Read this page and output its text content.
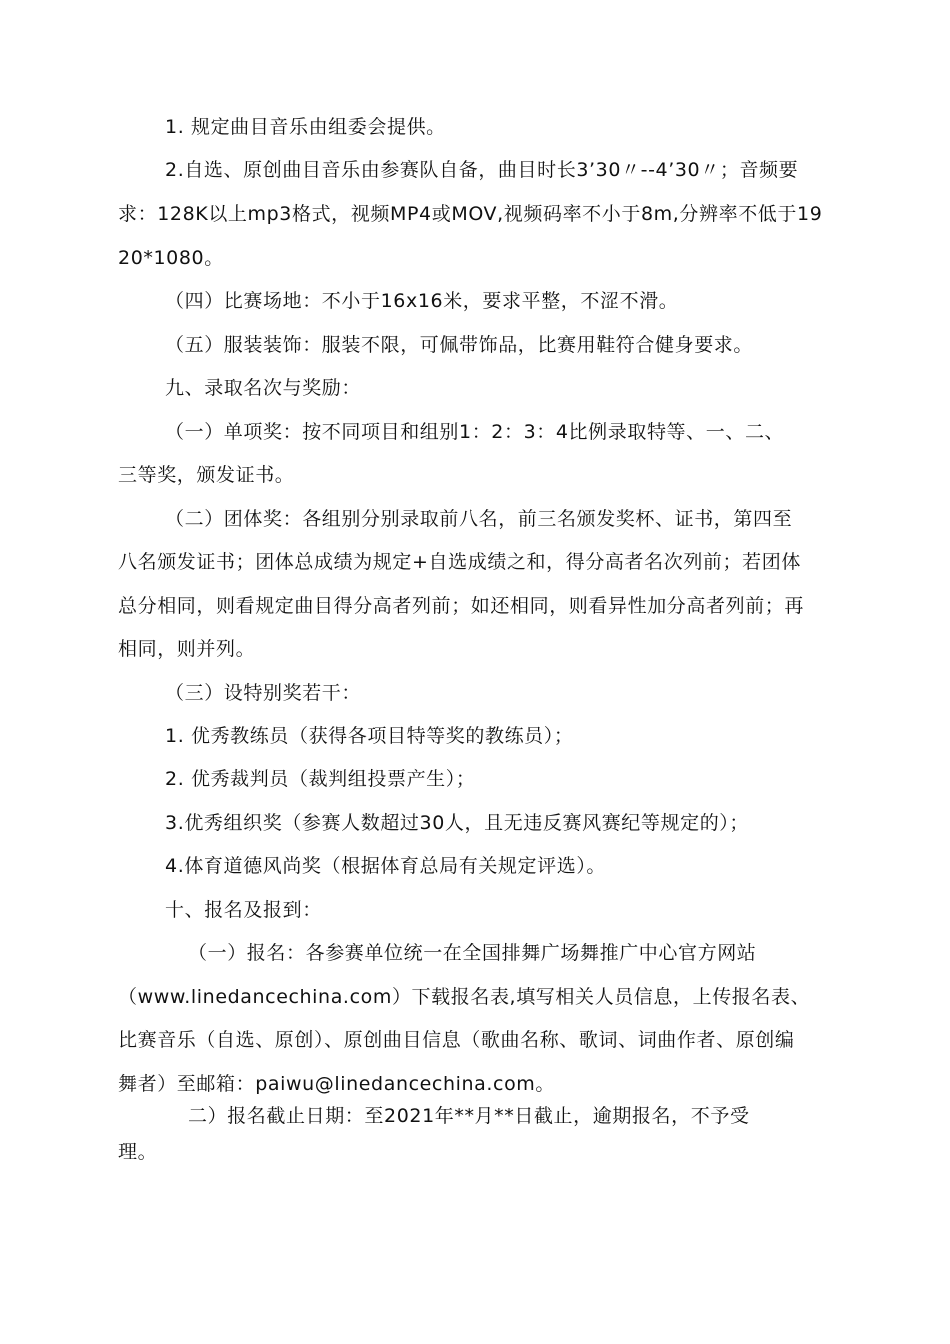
1. 规定曲目音乐由组委会提供。
2.自选、原创曲目音乐由参赛队自备，曲目时长3’30〃--4’30〃；音频要
求：128K以上mp3格式，视频MP4或MOV,视频码率不小于8m,分辨率不低于19
20*1080。
（四）比赛场地：不小于16x16米，要求平整，不涩不滑。
（五）服装装饰：服装不限，可佩带饰品，比赛用鞋符合健身要求。
九、录取名次与奖励：
（一）单项奖：按不同项目和组别1：2：3：4比例录取特等、一、二、
三等奖，颁发证书。
（二）团体奖：各组别分别录取前八名，前三名颁发奖杯、证书，第四至
八名颁发证书；团体总成绩为规定+自选成绩之和，得分高者名次列前；若团体
总分相同，则看规定曲目得分高者列前；如还相同，则看异性加分高者列前；再
相同，则并列。
（三）设特别奖若干：
1. 优秀教练员（获得各项目特等奖的教练员）；
2. 优秀裁判员（裁判组投票产生）；
3.优秀组织奖（参赛人数超过30人，且无违反赛风赛纪等规定的）；
4.体育道德风尚奖（根据体育总局有关规定评选）。
十、报名及报到：
（一）报名：各参赛单位统一在全国排舞广场舞推广中心官方网站
（www.linedancechina.com）下载报名表,填写相关人员信息，上传报名表、
比赛音乐（自选、原创）、原创曲目信息（歌曲名称、歌词、词曲作者、原创编
舞者）至邮箱：paiwu@linedancechina.com。
二）报名截止日期：至2021年**月**日截止，逾期报名，不予受
理。
